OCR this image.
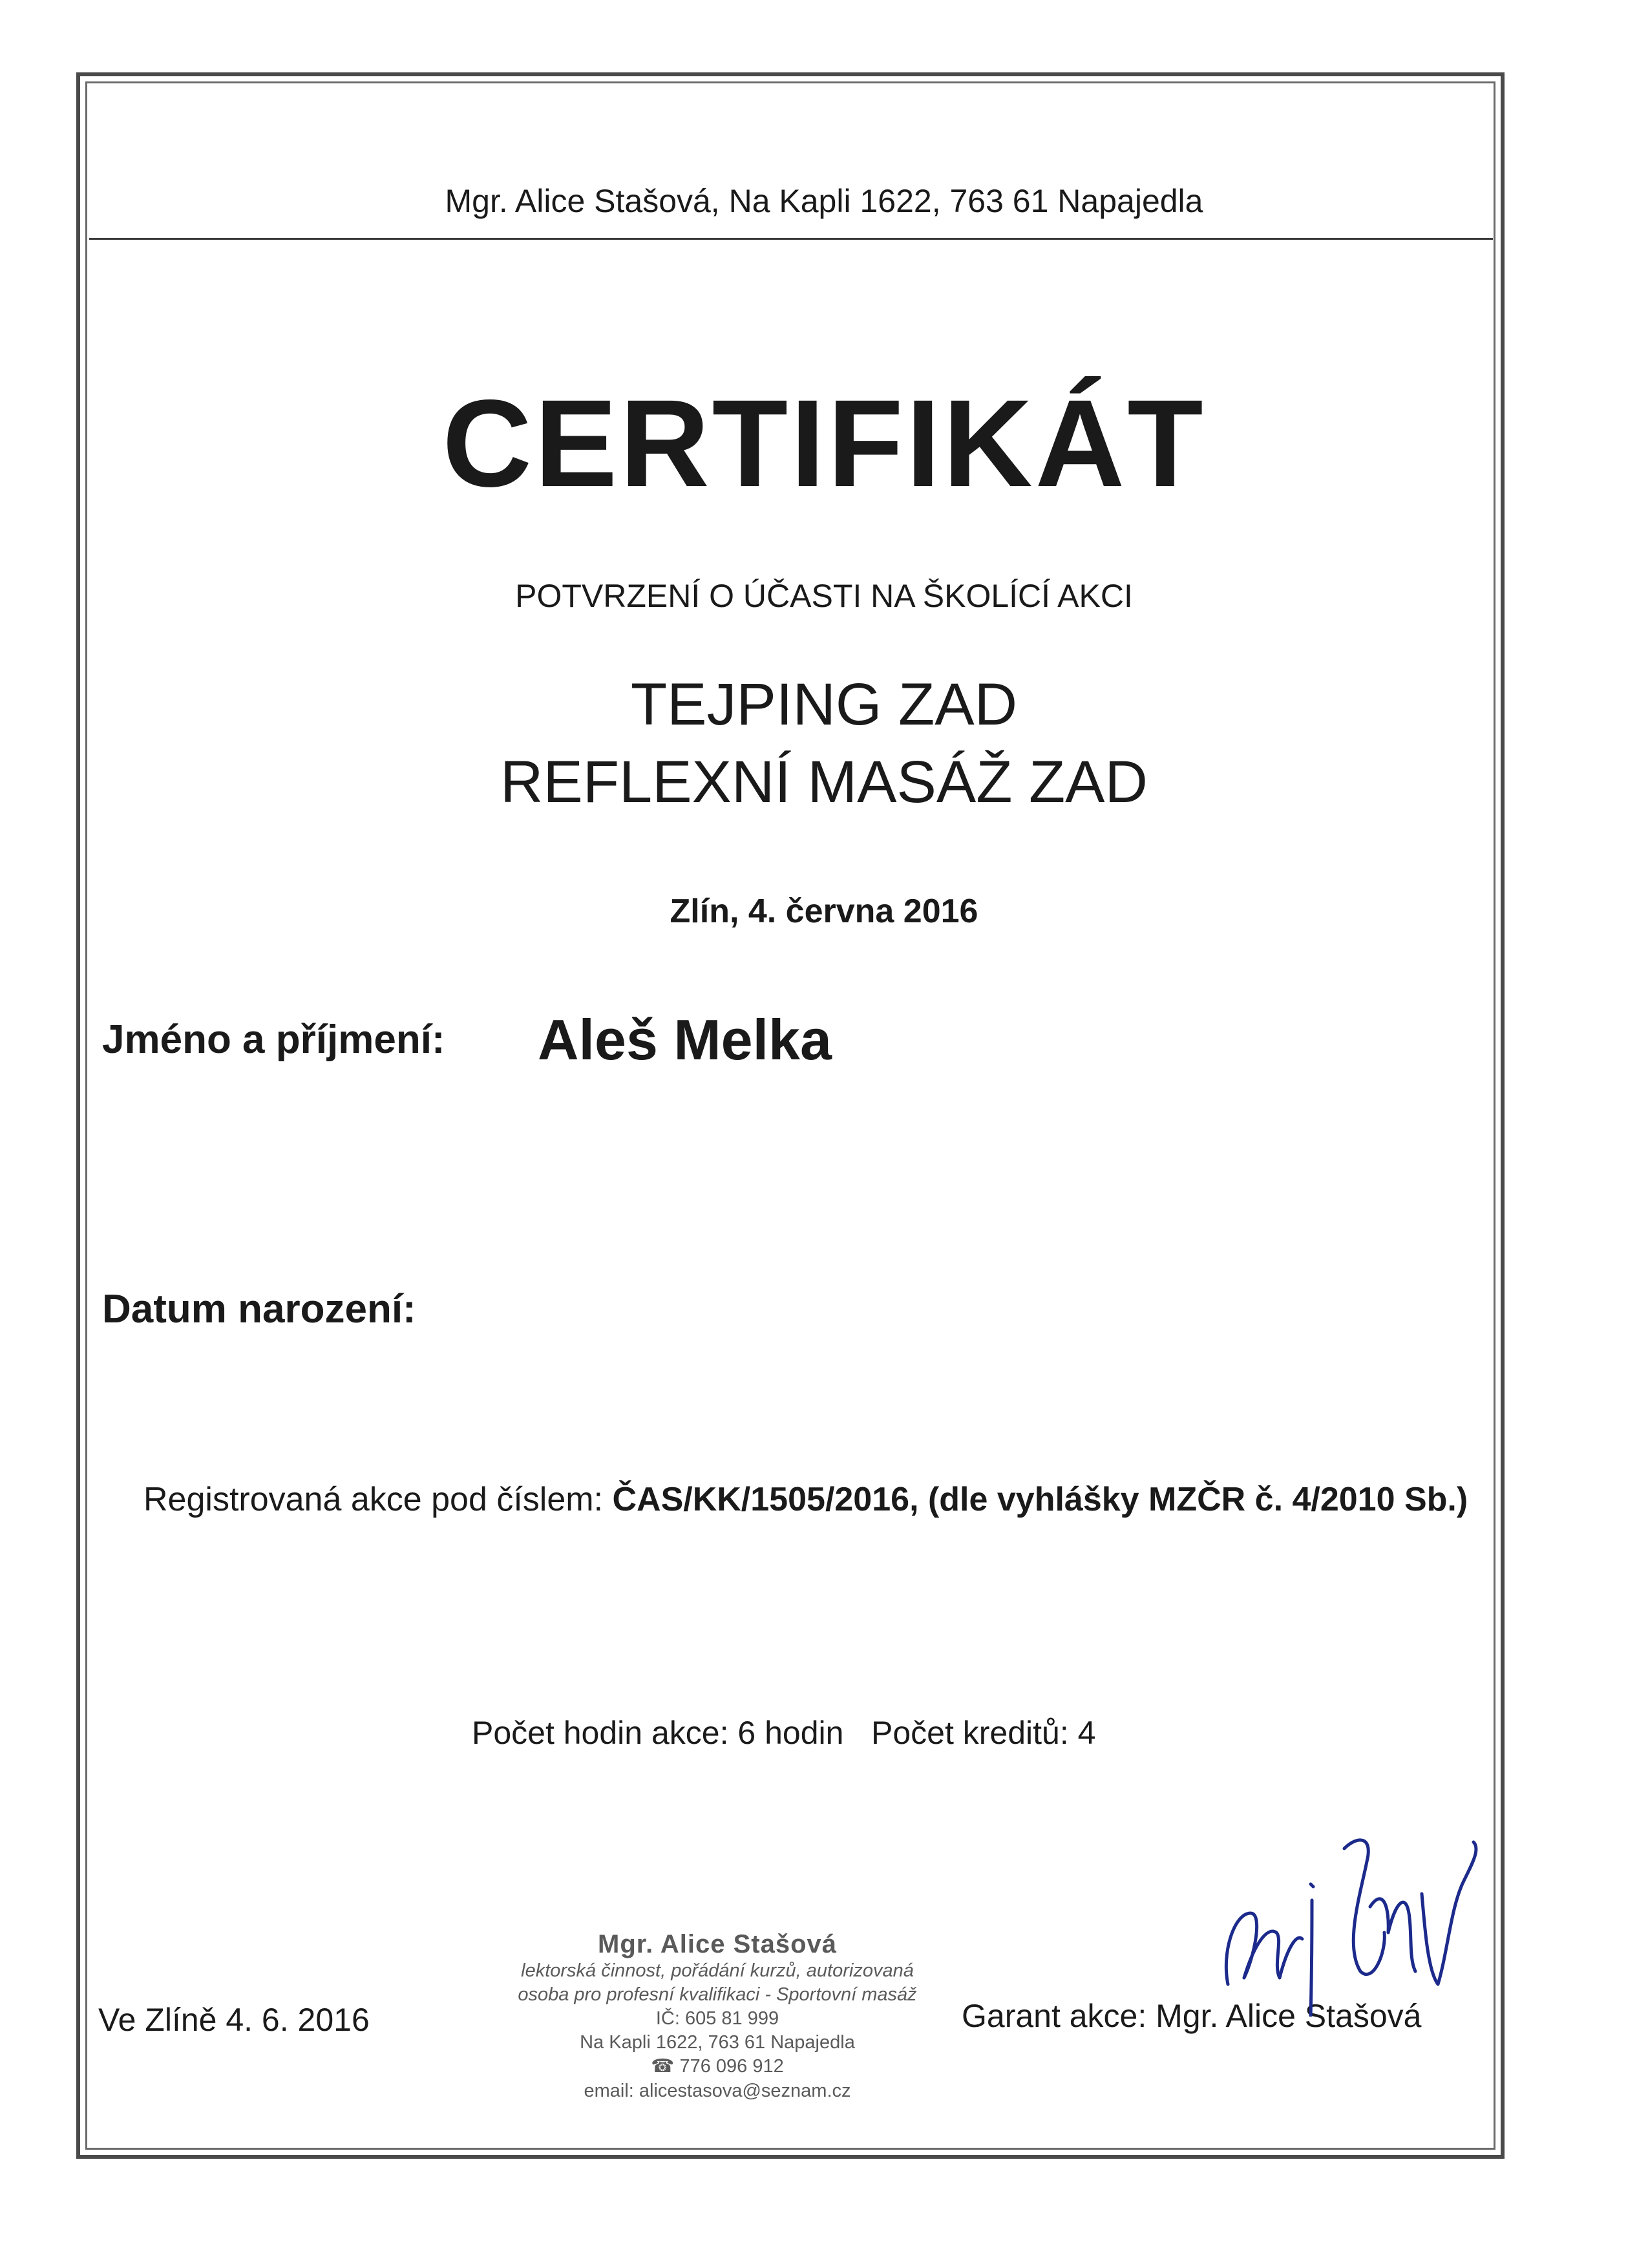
Mgr. Alice Stašová, Na Kapli 1622, 763 61 Napajedla
CERTIFIKÁT
POTVRZENÍ O ÚČASTI NA ŠKOLÍCÍ AKCI
TEJPING ZAD
REFLEXNÍ MASÁŽ ZAD
Zlín, 4. června 2016
Jméno a příjmení: Aleš Melka
Datum narození:
Registrovaná akce pod číslem: ČAS/KK/1505/2016, (dle vyhlášky MZČR č. 4/2010 Sb.)
Počet hodin akce: 6 hodin Počet kreditů: 4
Mgr. Alice Stašová
lektorská činnost, pořádání kurzů, autorizovaná
osoba pro profesní kvalifikaci - Sportovní masáž
IČ: 605 81 999
Na Kapli 1622, 763 61 Napajedla
☎ 776 096 912
email: alicestasova@seznam.cz
Ve Zlíně 4. 6. 2016	Garant akce: Mgr. Alice Stašová
